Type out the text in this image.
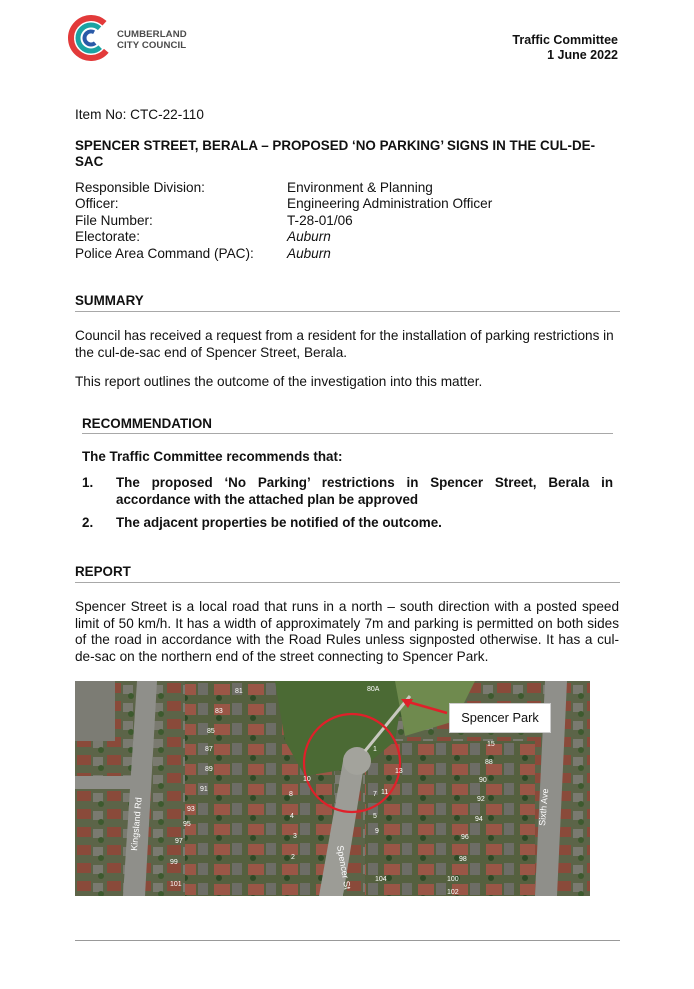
CUMBERLAND
CITY COUNCIL	Traffic Committee
1 June 2022
Item No: CTC-22-110
SPENCER STREET, BERALA – PROPOSED ‘NO PARKING’ SIGNS IN THE CUL-DE-SAC
Responsible Division:	Environment & Planning
Officer:	Engineering Administration Officer
File Number:	T-28-01/06
Electorate:	Auburn
Police Area Command (PAC):	Auburn
SUMMARY
Council has received a request from a resident for the installation of parking restrictions in the cul-de-sac end of Spencer Street, Berala.
This report outlines the outcome of the investigation into this matter.
RECOMMENDATION
The Traffic Committee recommends that:
1.	The proposed ‘No Parking’ restrictions in Spencer Street, Berala in accordance with the attached plan be approved
2.	The adjacent properties be notified of the outcome.
REPORT
Spencer Street is a local road that runs in a north – south direction with a posted speed limit of 50 km/h. It has a width of approximately 7m and parking is permitted on both sides of the road in accordance with the Road Rules unless signposted otherwise. It has a cul-de-sac on the northern end of the street connecting to Spencer Park.
Kingsland Rd
Spencer St
Sixth Ave
81
83
85
87
89
91
93
95
97
99
101
80A
1
2
3
4	5
7
8
9
10
11
13
15
88
90
92
94
96
98
100
102
104
Spencer Park
